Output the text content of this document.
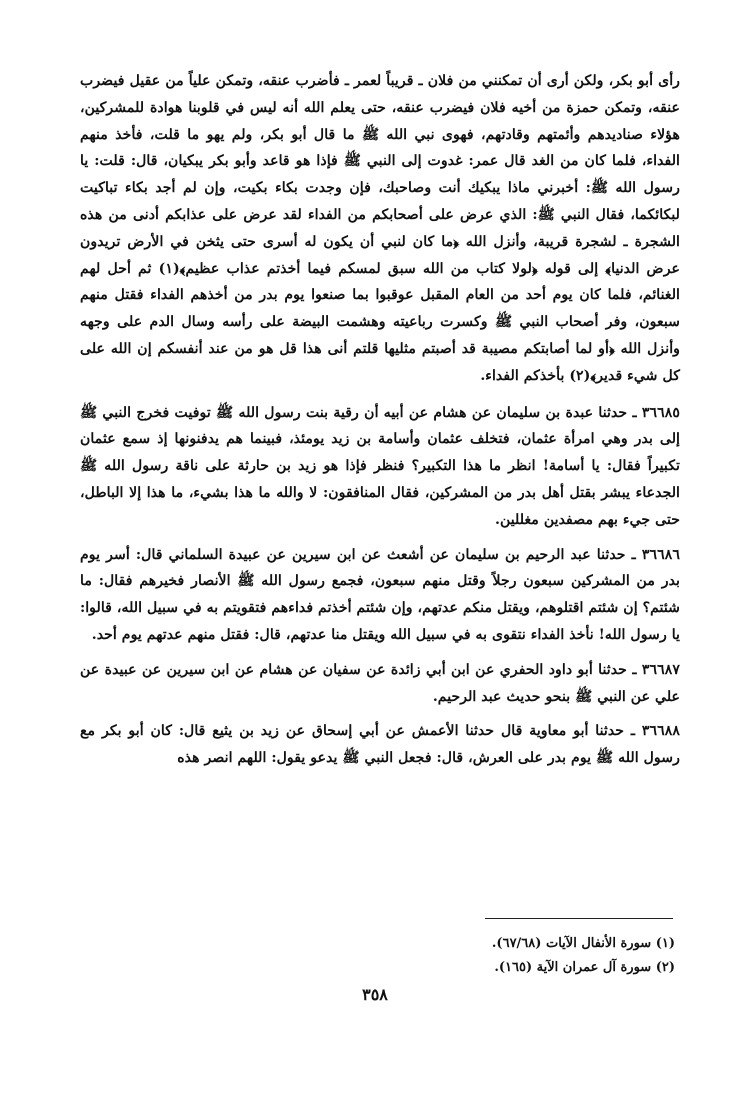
رأى أبو بكر، ولكن أرى أن تمكنني من فلان ـ قريباً لعمر ـ فأضرب عنقه، وتمكن علياً من عقيل فيضرب عنقه، وتمكن حمزة من أخيه فلان فيضرب عنقه، حتى يعلم الله أنه ليس في قلوبنا هوادة للمشركين، هؤلاء صناديدهم وأئمتهم وقادتهم، فهوى نبي الله ﷺ ما قال أبو بكر، ولم يهو ما قلت، فأخذ منهم الفداء، فلما كان من الغد قال عمر: غدوت إلى النبي ﷺ فإذا هو قاعد وأبو بكر يبكيان، قال: قلت: يا رسول الله ﷺ: أخبرني ماذا يبكيك أنت وصاحبك، فإن وجدت بكاء بكيت، وإن لم أجد بكاء تباكيت لبكائكما، فقال النبي ﷺ: الذي عرض على أصحابكم من الفداء لقد عرض على عذابكم أدنى من هذه الشجرة ـ لشجرة قريبة، وأنزل الله ﴿ما كان لنبي أن يكون له أسرى حتى يثخن في الأرض تريدون عرض الدنيا﴾ إلى قوله ﴿لولا كتاب من الله سبق لمسكم فيما أخذتم عذاب عظيم﴾(١) ثم أحل لهم الغنائم، فلما كان يوم أحد من العام المقبل عوقبوا بما صنعوا يوم بدر من أخذهم الفداء فقتل منهم سبعون، وفر أصحاب النبي ﷺ وكسرت رباعيته وهشمت البيضة على رأسه وسال الدم على وجهه وأنزل الله ﴿أو لما أصابتكم مصيبة قد أصبتم مثليها قلتم أنى هذا قل هو من عند أنفسكم إن الله على كل شيء قدير﴾(٢) بأخذكم الفداء.

٣٦٦٨٥ ـ حدثنا عبدة بن سليمان عن هشام عن أبيه أن رقية بنت رسول الله ﷺ توفيت فخرج النبي ﷺ إلى بدر وهي امرأة عثمان، فتخلف عثمان وأسامة بن زيد يومئذ، فبينما هم يدفنونها إذ سمع عثمان تكبيراً فقال: يا أسامة! انظر ما هذا التكبير؟ فنظر فإذا هو زيد بن حارثة على ناقة رسول الله ﷺ الجدعاء يبشر بقتل أهل بدر من المشركين، فقال المنافقون: لا والله ما هذا بشيء، ما هذا إلا الباطل، حتى جيء بهم مصفدين مغللين.

٣٦٦٨٦ ـ حدثنا عبد الرحيم بن سليمان عن أشعث عن ابن سيرين عن عبيدة السلماني قال: أسر يوم بدر من المشركين سبعون رجلاً وقتل منهم سبعون، فجمع رسول الله ﷺ الأنصار فخيرهم فقال: ما شئتم؟ إن شئتم اقتلوهم، ويقتل منكم عدتهم، وإن شئتم أخذتم فداءهم فتقويتم به في سبيل الله، قالوا: يا رسول الله! نأخذ الفداء نتقوى به في سبيل الله ويقتل منا عدتهم، قال: فقتل منهم عدتهم يوم أحد.

٣٦٦٨٧ ـ حدثنا أبو داود الحفري عن ابن أبي زائدة عن سفيان عن هشام عن ابن سيرين عن عبيدة عن علي عن النبي ﷺ بنحو حديث عبد الرحيم.

٣٦٦٨٨ ـ حدثنا أبو معاوية قال حدثنا الأعمش عن أبي إسحاق عن زيد بن يثيع قال: كان أبو بكر مع رسول الله ﷺ يوم بدر على العرش، قال: فجعل النبي ﷺ يدعو يقول: اللهم انصر هذه

(١) سورة الأنفال الآيات (٦٧/٦٨).

(٢) سورة آل عمران الآية (١٦٥).

٣٥٨
